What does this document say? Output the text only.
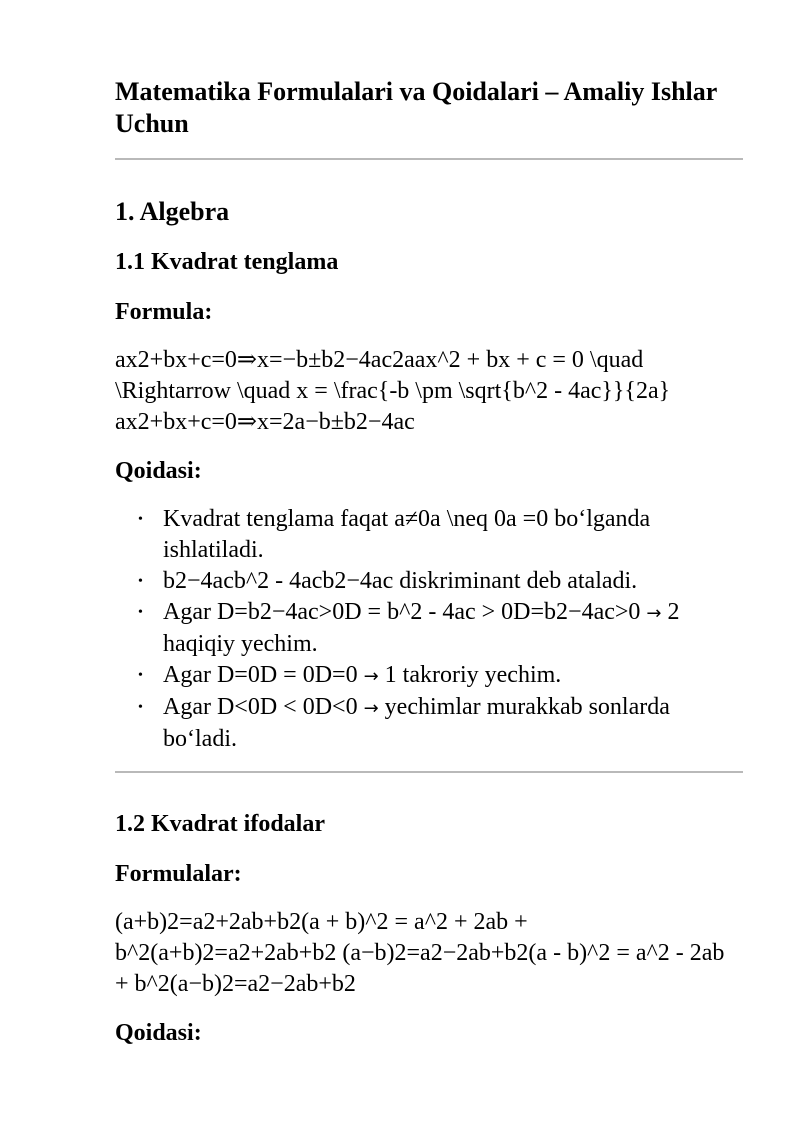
Matematika Formulalari va Qoidalari – Amaliy Ishlar Uchun
1. Algebra
1.1 Kvadrat tenglama

Formula:

ax2+bx+c=0⇒x=−b±b2−4ac2aax^2 + bx + c = 0 \quad \Rightarrow \quad x = \frac{-b \pm \sqrt{b^2 - 4ac}}{2a} ax2+bx+c=0⇒x=2a−b±b2−4ac

Qoidasi:

• Kvadrat tenglama faqat a≠0a \neq 0a =0 bo‘lganda ishlatiladi.
• b2−4acb^2 - 4acb2−4ac diskriminant deb ataladi.
• Agar D=b2−4ac>0D = b^2 - 4ac > 0D=b2−4ac>0 → 2 haqiqiy yechim.
• Agar D=0D = 0D=0 → 1 takroriy yechim.
• Agar D<0D < 0D<0 → yechimlar murakkab sonlarda bo‘ladi.
1.2 Kvadrat ifodalar

Formulalar:

(a+b)2=a2+2ab+b2(a + b)^2 = a^2 + 2ab + b^2(a+b)2=a2+2ab+b2 (a−b)2=a2−2ab+b2(a - b)^2 = a^2 - 2ab + b^2(a−b)2=a2−2ab+b2

Qoidasi:
